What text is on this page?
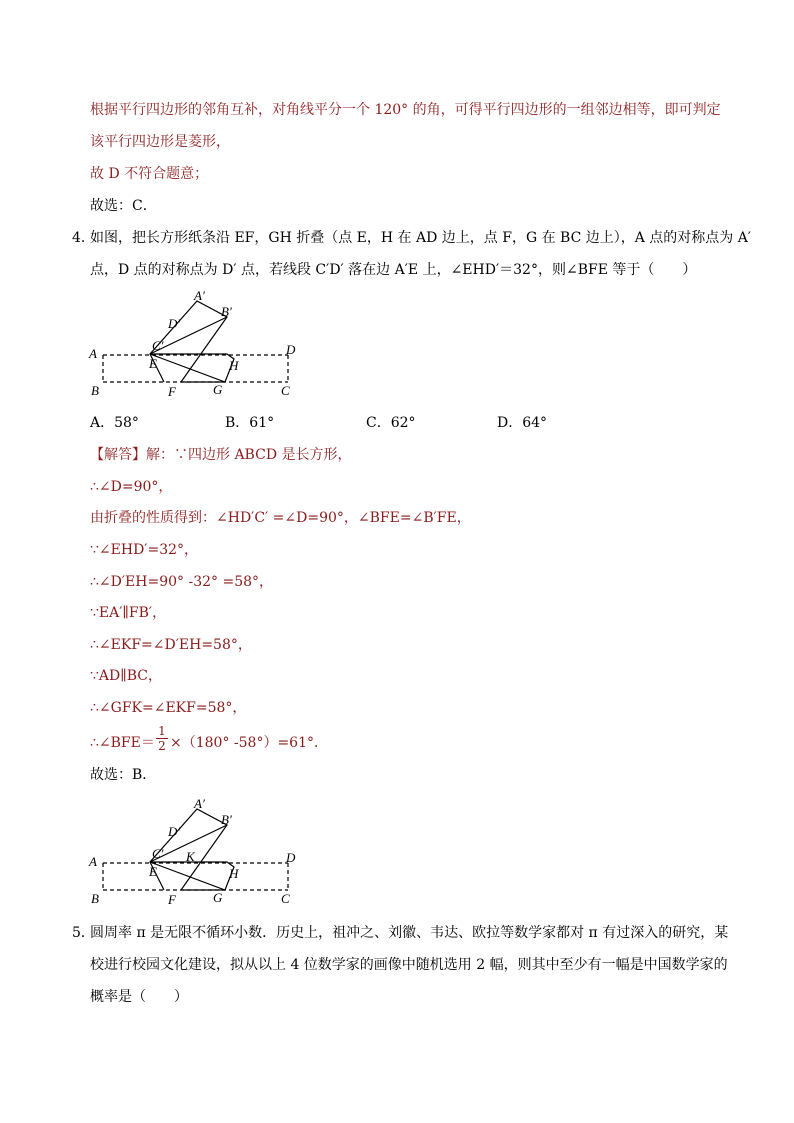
根据平行四边形的邻角互补，对角线平分一个 120° 的角，可得平行四边形的一组邻边相等，即可判定
该平行四边形是菱形，
故 D 不符合题意；
故选：C．
4．
如图，把长方形纸条沿 EF，GH 折叠（点 E，H 在 AD 边上，点 F，G 在 BC 边上），A 点的对称点为 A′
点，D 点的对称点为 D′ 点，若线段 C′D′ 落在边 A′E 上，∠EHD′＝32°，则∠BFE 等于（　　）
A′
B′
D′
C′
A	D
E	H
B	F	G	C
A．58°	B．61°	C．62°	D．64°
【解答】解：∵四边形 ABCD 是长方形，
∴∠D=90°，
由折叠的性质得到：∠HD′C′ =∠D=90°，∠BFE=∠B′FE，
∵∠EHD′=32°，
∴∠D′EH=90° -32° =58°，
∵EA′∥FB′，
∴∠EKF=∠D′EH=58°，
∵AD∥BC，
∴∠GFK=∠EKF=58°，
∴∠BFE＝ $\frac{1}{2} \times(180^\circ$ -58°）=61°．
故选：B．
A′
B′
D′
C′ K
A	D
E	H
B	F	G	C
5．
圆周率 π 是无限不循环小数．历史上，祖冲之、刘徽、韦达、欧拉等数学家都对 π 有过深入的研究，某
校进行校园文化建设，拟从以上 4 位数学家的画像中随机选用 2 幅，则其中至少有一幅是中国数学家的
概率是（　　）
